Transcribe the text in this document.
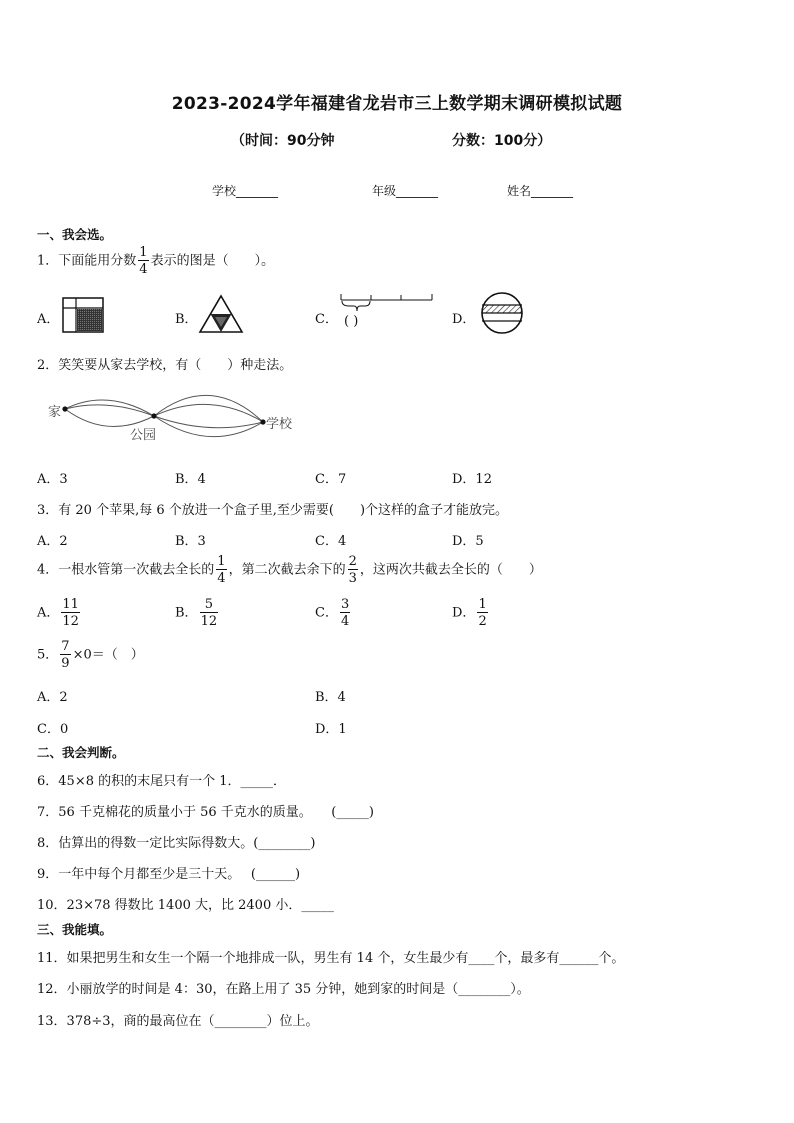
2023-2024学年福建省龙岩市三上数学期末调研模拟试题
（时间：90分钟	分数：100分）
学校_______	年级_______	姓名_______
一、我会选。
1．下面能用分数 $\frac{1}{4}$ 表示的图是（　　）。
A．	B．	C． ( )	D．
2．笑笑要从家去学校，有（　　）种走法。
家
公园
学校
A．3	B．4	C．7	D．12
3．有 20 个苹果,每 6 个放进一个盒子里,至少需要(　　)个这样的盒子才能放完。
A．2	B．3	C．4	D．5
4．一根水管第一次截去全长的 $\frac{1}{4}$ ，第二次截去余下的 $\frac{2}{3}$ ，这两次共截去全长的（　　）
A． $\frac{11}{12}$	B． $\frac{5}{12}$	C． $\frac{3}{4}$	D． $\frac{1}{2}$
5． $\frac{7}{9} \times 0=$（　）
A．2	B．4
C．0	D．1
二、我会判断。
6．45×8 的积的末尾只有一个 1．_____．
7．56 千克棉花的质量小于 56 千克水的质量。　　(_____)
8．估算出的得数一定比实际得数大。(________)
9．一年中每个月都至少是三十天。　 (______)
10．23×78 得数比 1400 大，比 2400 小．_____
三、我能填。
11．如果把男生和女生一个隔一个地排成一队，男生有 14 个，女生最少有____个，最多有______个。
12．小丽放学的时间是 4：30，在路上用了 35 分钟，她到家的时间是（________）。
13．378÷3，商的最高位在（________）位上。
